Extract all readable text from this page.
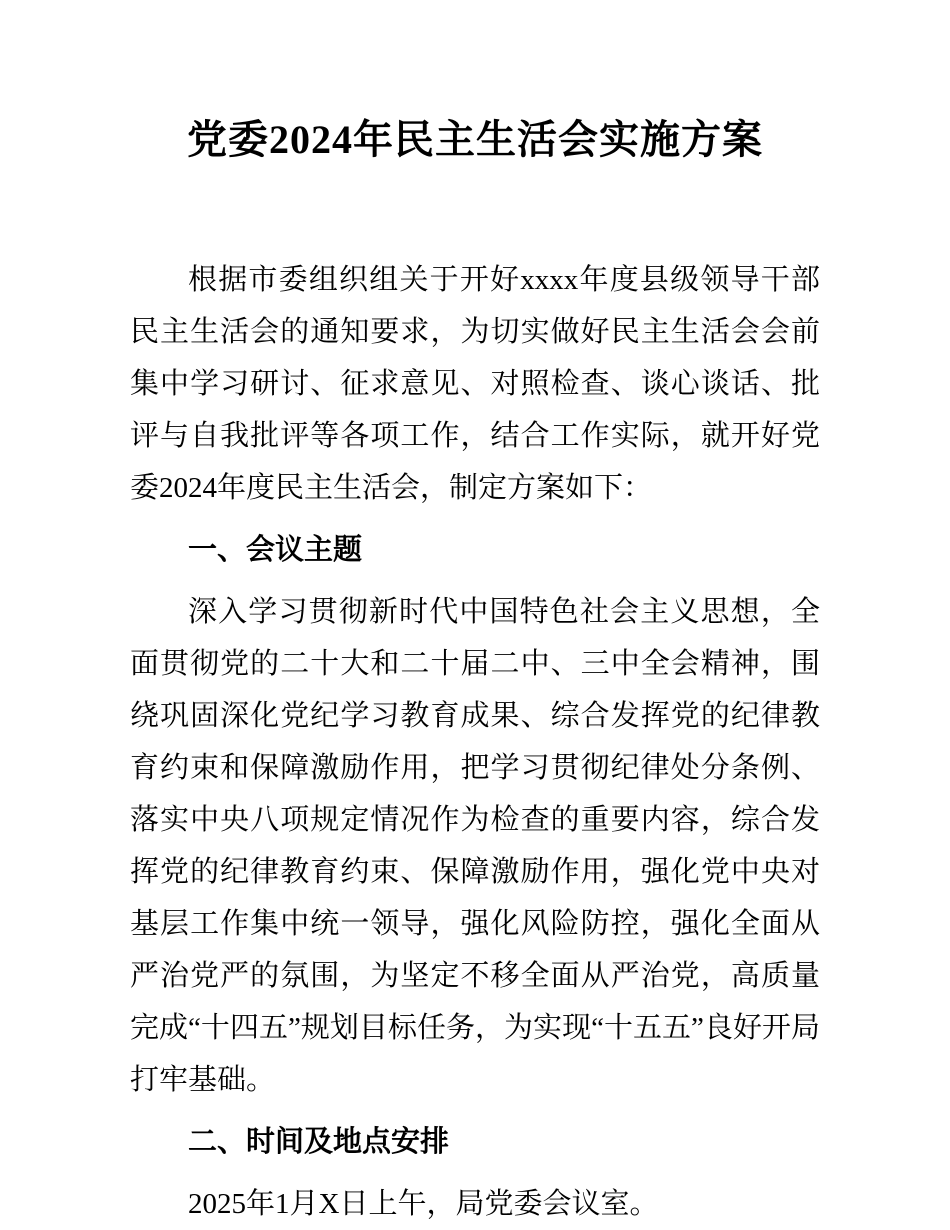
党委2024年民主生活会实施方案

根据市委组织组关于开好xxxx年度县级领导干部民主生活会的通知要求，为切实做好民主生活会会前集中学习研讨、征求意见、对照检查、谈心谈话、批评与自我批评等各项工作，结合工作实际，就开好党委2024年度民主生活会，制定方案如下：

一、会议主题

深入学习贯彻新时代中国特色社会主义思想，全面贯彻党的二十大和二十届二中、三中全会精神，围绕巩固深化党纪学习教育成果、综合发挥党的纪律教育约束和保障激励作用，把学习贯彻纪律处分条例、落实中央八项规定情况作为检查的重要内容，综合发挥党的纪律教育约束、保障激励作用，强化党中央对基层工作集中统一领导，强化风险防控，强化全面从严治党严的氛围，为坚定不移全面从严治党，高质量完成“十四五”规划目标任务，为实现“十五五”良好开局打牢基础。

二、时间及地点安排

2025年1月X日上午，局党委会议室。
